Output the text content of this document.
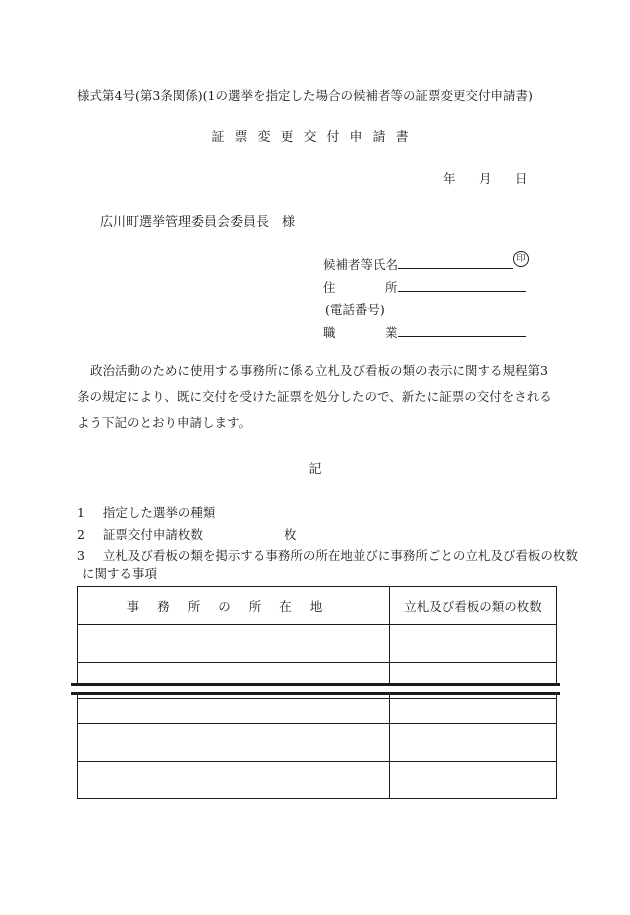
様式第4号(第3条関係)(1の選挙を指定した場合の候補者等の証票変更交付申請書)
証票変更交付申請書
年 月 日
広川町選挙管理委員会委員長　様
候補者等氏名	印
住	所
(電話番号)
職	業
政治活動のために使用する事務所に係る立札及び看板の類の表示に関する規程第3条の規定により、既に交付を受けた証票を処分したので、新たに証票の交付をされるよう下記のとおり申請します。
記
1 指定した選挙の種類
2 証票交付申請枚数	枚
3 立札及び看板の類を掲示する事務所の所在地並びに事務所ごとの立札及び看板の枚数
に関する事項
事務所の所在地	立札及び看板の類の枚数
